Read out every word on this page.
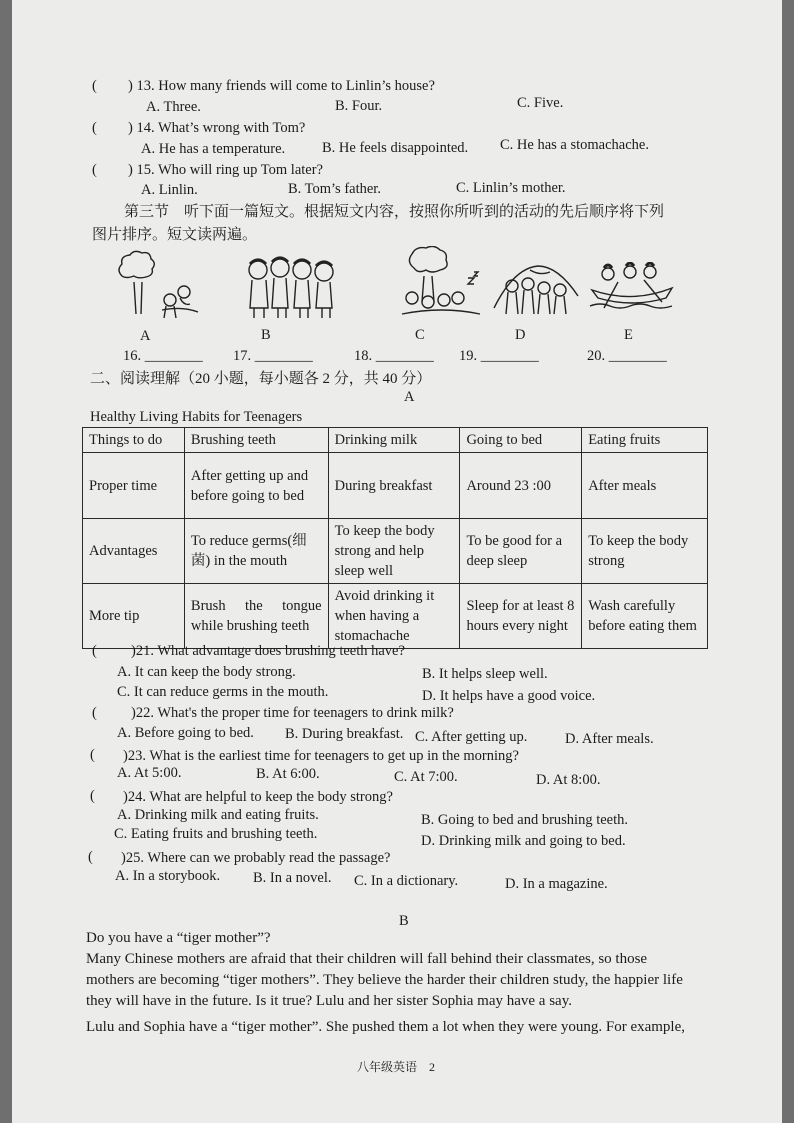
( ) 13. How many friends will come to Linlin’s house?
A. Three.	B. Four.	C. Five.
( ) 14. What’s wrong with Tom?
A. He has a temperature.	B. He feels disappointed. C. He has a stomachache.
( ) 15. Who will ring up Tom later?
A. Linlin.	B. Tom’s father.	C. Linlin’s mother.
第三节　听下面一篇短文。根据短文内容，按照你所听到的活动的先后顺序将下列
图片排序。短文读两遍。
A	B	C	D	E
16. ________ 17. ________	18. ________ 19. ________	20. ________
二、阅读理解（20 小题，每小题各 2 分，共 40 分）
A
Healthy Living Habits for Teenagers
Things to do	Brushing teeth	Drinking milk	Going to bed	Eating fruits
Proper time	After getting up and before going to bed	During breakfast	Around 23 :00	After meals
Advantages	To reduce germs(细菌) in the mouth	To keep the body strong and help sleep well	To be good for a deep sleep	To keep the body strong
More tip	Brush the tongue while brushing teeth	Avoid drinking it when having a stomachache	Sleep for at least 8 hours every night	Wash carefully before eating them
( )21. What advantage does brushing teeth have?
A. It can keep the body strong.	B. It helps sleep well.
C. It can reduce germs in the mouth.	D. It helps have a good voice.
( )22. What's the proper time for teenagers to drink milk?
A. Before going to bed. B. During breakfast. C. After getting up.	D. After meals.
( )23. What is the earliest time for teenagers to get up in the morning?
A. At 5:00.	B. At 6:00.	C. At 7:00.	D. At 8:00.
( )24. What are helpful to keep the body strong?
A. Drinking milk and eating fruits.	B. Going to bed and brushing teeth.
C. Eating fruits and brushing teeth.	D. Drinking milk and going to bed.
( )25. Where can we probably read the passage?
A. In a storybook. B. In a novel. C. In a dictionary.	D. In a magazine.
B
Do you have a “tiger mother”?
Many Chinese mothers are afraid that their children will fall behind their classmates, so those
mothers are becoming “tiger mothers”. They believe the harder their children study, the happier life
they will have in the future. Is it true? Lulu and her sister Sophia may have a say.
Lulu and Sophia have a “tiger mother”. She pushed them a lot when they were young. For example,
八年级英语　2
